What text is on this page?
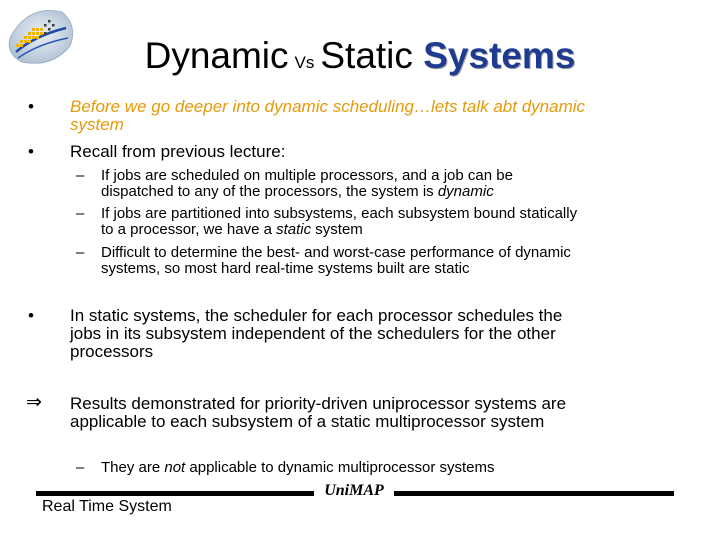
Dynamic Vs Static Systems
• Before we go deeper into dynamic scheduling…lets talk abt dynamic
system
• Recall from previous lecture:
– If jobs are scheduled on multiple processors, and a job can be
dispatched to any of the processors, the system is dynamic
– If jobs are partitioned into subsystems, each subsystem bound statically
to a processor, we have a static system
– Difficult to determine the best- and worst-case performance of dynamic
systems, so most hard real-time systems built are static
• In static systems, the scheduler for each processor schedules the
jobs in its subsystem independent of the schedulers for the other
processors
⇒ Results demonstrated for priority-driven uniprocessor systems are
applicable to each subsystem of a static multiprocessor system
– They are not applicable to dynamic multiprocessor systems
UniMAP
Real Time System
